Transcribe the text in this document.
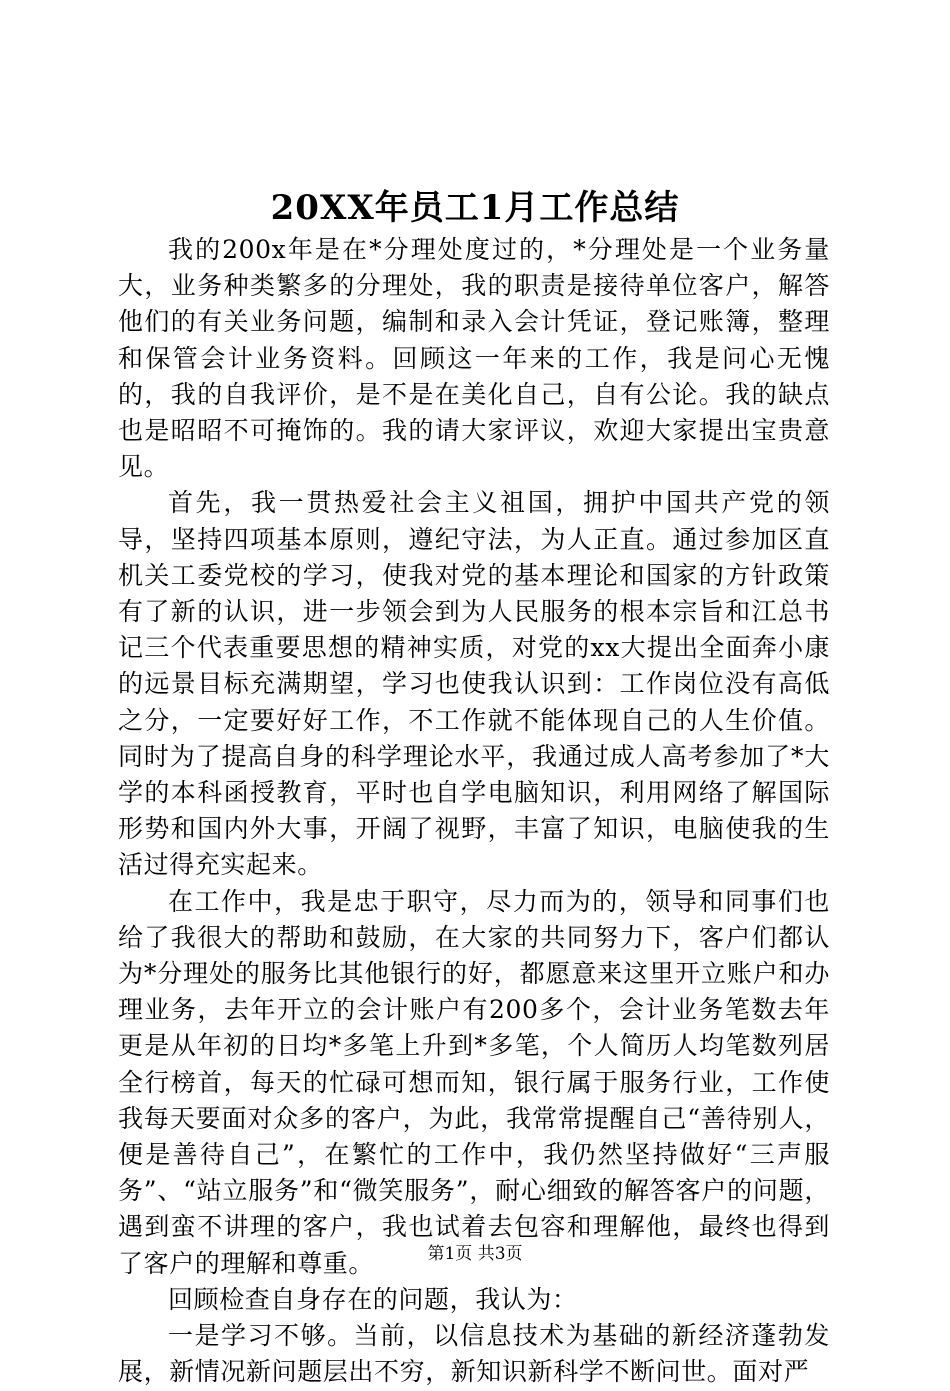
20XX年员工1月工作总结

我的200x年是在*分理处度过的，*分理处是一个业务量大，业务种类繁多的分理处，我的职责是接待单位客户，解答他们的有关业务问题，编制和录入会计凭证，登记账簿，整理和保管会计业务资料。回顾这一年来的工作，我是问心无愧的，我的自我评价，是不是在美化自己，自有公论。我的缺点也是昭昭不可掩饰的。我的请大家评议，欢迎大家提出宝贵意见。

首先，我一贯热爱社会主义祖国，拥护中国共产党的领导，坚持四项基本原则，遵纪守法，为人正直。通过参加区直机关工委党校的学习，使我对党的基本理论和国家的方针政策有了新的认识，进一步领会到为人民服务的根本宗旨和江总书记三个代表重要思想的精神实质，对党的xx大提出全面奔小康的远景目标充满期望，学习也使我认识到：工作岗位没有高低之分，一定要好好工作，不工作就不能体现自己的人生价值。同时为了提高自身的科学理论水平，我通过成人高考参加了*大学的本科函授教育，平时也自学电脑知识，利用网络了解国际形势和国内外大事，开阔了视野，丰富了知识，电脑使我的生活过得充实起来。

在工作中，我是忠于职守，尽力而为的，领导和同事们也给了我很大的帮助和鼓励，在大家的共同努力下，客户们都认为*分理处的服务比其他银行的好，都愿意来这里开立账户和办理业务，去年开立的会计账户有200多个，会计业务笔数去年更是从年初的日均*多笔上升到*多笔，个人简历人均笔数列居全行榜首，每天的忙碌可想而知，银行属于服务行业，工作使我每天要面对众多的客户，为此，我常常提醒自己“善待别人，便是善待自己”，在繁忙的工作中，我仍然坚持做好“三声服务”、“站立服务”和“微笑服务”，耐心细致的解答客户的问题，遇到蛮不讲理的客户，我也试着去包容和理解他，最终也得到了客户的理解和尊重。

回顾检查自身存在的问题，我认为：

一是学习不够。当前，以信息技术为基础的新经济蓬勃发展，新情况新问题层出不穷，新知识新科学不断问世。面对严

第1页 共3页
